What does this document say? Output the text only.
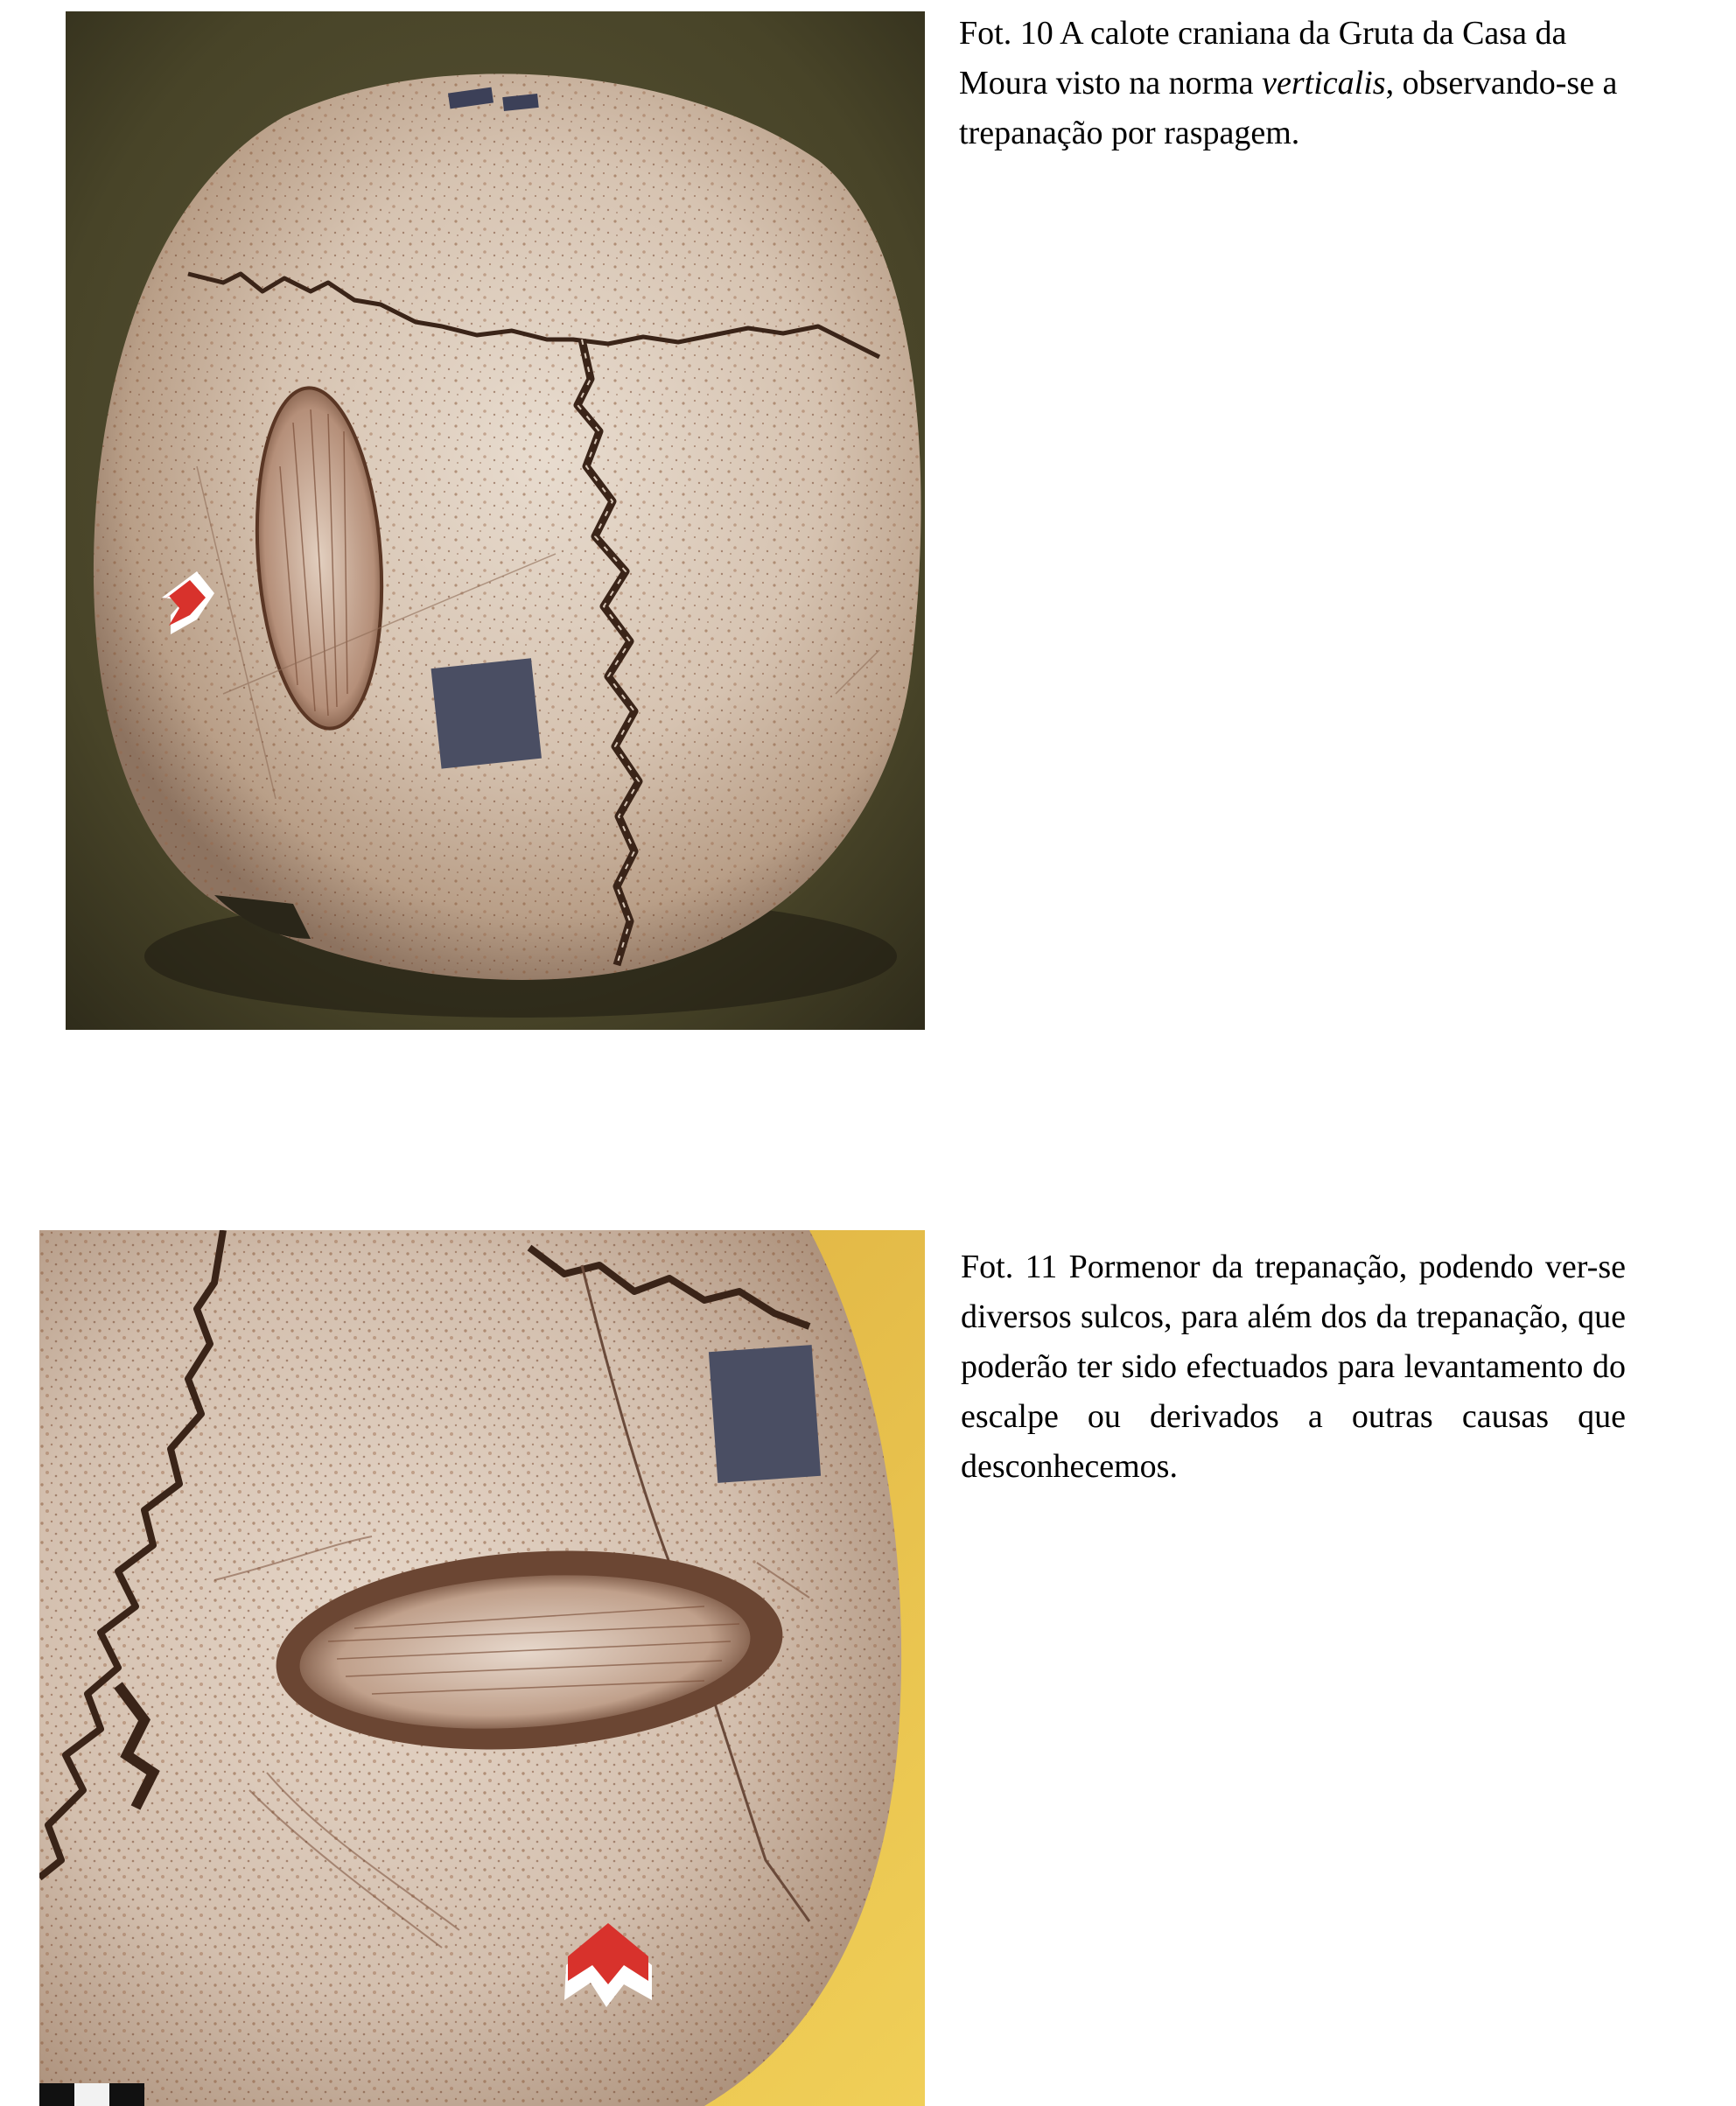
Fot. 10 A calote craniana da Gruta da Casa da Moura visto na norma verticalis, observando-se a trepanação por raspagem.
Fot. 11 Pormenor da trepanação, podendo ver-se diversos sulcos, para além dos da trepanação, que poderão ter sido efectuados para levantamento do escalpe ou derivados a outras causas que desconhecemos.
